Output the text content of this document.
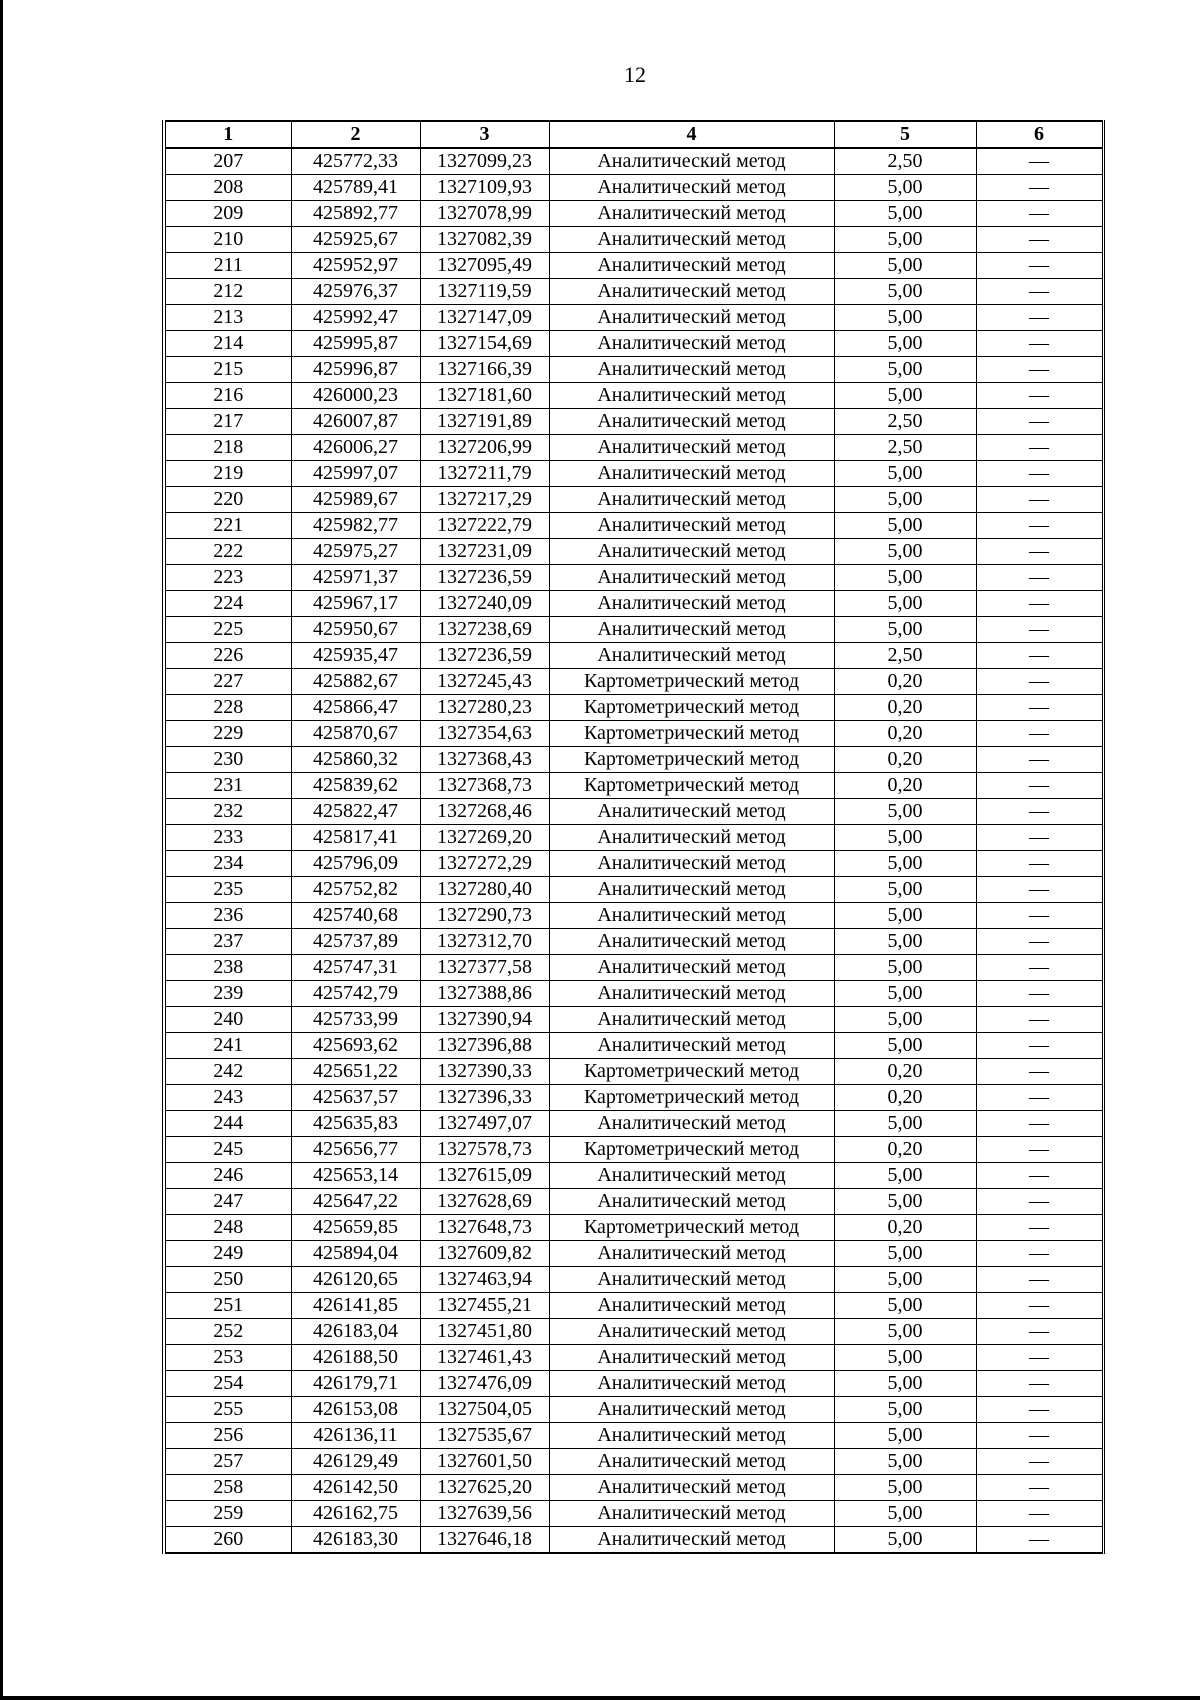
12
1	2	3	4	5	6
207	425772,33	1327099,23	Аналитический метод	2,50	—
208	425789,41	1327109,93	Аналитический метод	5,00	—
209	425892,77	1327078,99	Аналитический метод	5,00	—
210	425925,67	1327082,39	Аналитический метод	5,00	—
211	425952,97	1327095,49	Аналитический метод	5,00	—
212	425976,37	1327119,59	Аналитический метод	5,00	—
213	425992,47	1327147,09	Аналитический метод	5,00	—
214	425995,87	1327154,69	Аналитический метод	5,00	—
215	425996,87	1327166,39	Аналитический метод	5,00	—
216	426000,23	1327181,60	Аналитический метод	5,00	—
217	426007,87	1327191,89	Аналитический метод	2,50	—
218	426006,27	1327206,99	Аналитический метод	2,50	—
219	425997,07	1327211,79	Аналитический метод	5,00	—
220	425989,67	1327217,29	Аналитический метод	5,00	—
221	425982,77	1327222,79	Аналитический метод	5,00	—
222	425975,27	1327231,09	Аналитический метод	5,00	—
223	425971,37	1327236,59	Аналитический метод	5,00	—
224	425967,17	1327240,09	Аналитический метод	5,00	—
225	425950,67	1327238,69	Аналитический метод	5,00	—
226	425935,47	1327236,59	Аналитический метод	2,50	—
227	425882,67	1327245,43	Картометрический метод	0,20	—
228	425866,47	1327280,23	Картометрический метод	0,20	—
229	425870,67	1327354,63	Картометрический метод	0,20	—
230	425860,32	1327368,43	Картометрический метод	0,20	—
231	425839,62	1327368,73	Картометрический метод	0,20	—
232	425822,47	1327268,46	Аналитический метод	5,00	—
233	425817,41	1327269,20	Аналитический метод	5,00	—
234	425796,09	1327272,29	Аналитический метод	5,00	—
235	425752,82	1327280,40	Аналитический метод	5,00	—
236	425740,68	1327290,73	Аналитический метод	5,00	—
237	425737,89	1327312,70	Аналитический метод	5,00	—
238	425747,31	1327377,58	Аналитический метод	5,00	—
239	425742,79	1327388,86	Аналитический метод	5,00	—
240	425733,99	1327390,94	Аналитический метод	5,00	—
241	425693,62	1327396,88	Аналитический метод	5,00	—
242	425651,22	1327390,33	Картометрический метод	0,20	—
243	425637,57	1327396,33	Картометрический метод	0,20	—
244	425635,83	1327497,07	Аналитический метод	5,00	—
245	425656,77	1327578,73	Картометрический метод	0,20	—
246	425653,14	1327615,09	Аналитический метод	5,00	—
247	425647,22	1327628,69	Аналитический метод	5,00	—
248	425659,85	1327648,73	Картометрический метод	0,20	—
249	425894,04	1327609,82	Аналитический метод	5,00	—
250	426120,65	1327463,94	Аналитический метод	5,00	—
251	426141,85	1327455,21	Аналитический метод	5,00	—
252	426183,04	1327451,80	Аналитический метод	5,00	—
253	426188,50	1327461,43	Аналитический метод	5,00	—
254	426179,71	1327476,09	Аналитический метод	5,00	—
255	426153,08	1327504,05	Аналитический метод	5,00	—
256	426136,11	1327535,67	Аналитический метод	5,00	—
257	426129,49	1327601,50	Аналитический метод	5,00	—
258	426142,50	1327625,20	Аналитический метод	5,00	—
259	426162,75	1327639,56	Аналитический метод	5,00	—
260	426183,30	1327646,18	Аналитический метод	5,00	—
